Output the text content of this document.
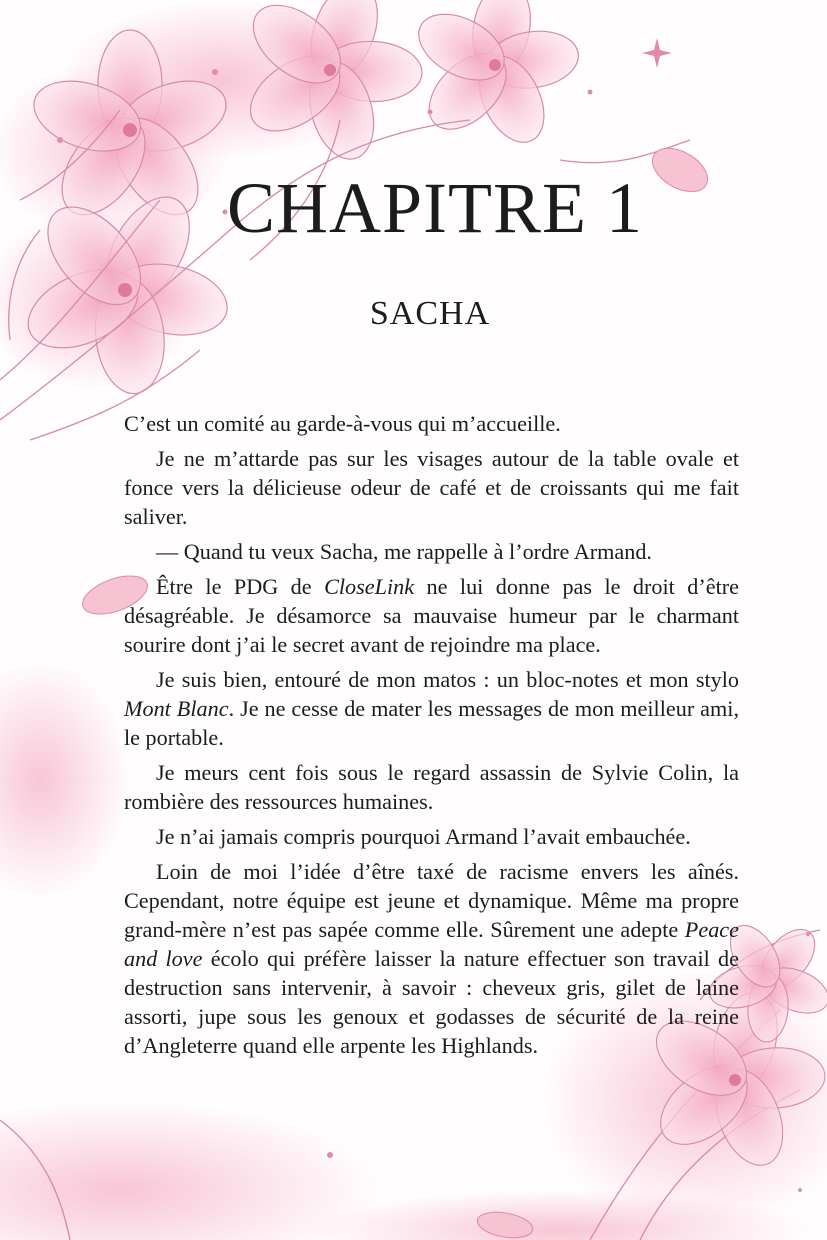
CHAPITRE 1
SACHA

C’est un comité au garde-à-vous qui m’accueille.

Je ne m’attarde pas sur les visages autour de la table ovale et fonce vers la délicieuse odeur de café et de croissants qui me fait saliver.

— Quand tu veux Sacha, me rappelle à l’ordre Armand.

Être le PDG de CloseLink ne lui donne pas le droit d’être désagréable. Je désamorce sa mauvaise humeur par le charmant sourire dont j’ai le secret avant de rejoindre ma place.

Je suis bien, entouré de mon matos : un bloc-notes et mon stylo Mont Blanc. Je ne cesse de mater les messages de mon meilleur ami, le portable.

Je meurs cent fois sous le regard assassin de Sylvie Colin, la rombière des ressources humaines.

Je n’ai jamais compris pourquoi Armand l’avait embauchée.

Loin de moi l’idée d’être taxé de racisme envers les aînés. Cependant, notre équipe est jeune et dynamique. Même ma propre grand-mère n’est pas sapée comme elle. Sûrement une adepte Peace and love écolo qui préfère laisser la nature effectuer son travail de destruction sans intervenir, à savoir : cheveux gris, gilet de laine assorti, jupe sous les genoux et godasses de sécurité de la reine d’Angleterre quand elle arpente les Highlands.
